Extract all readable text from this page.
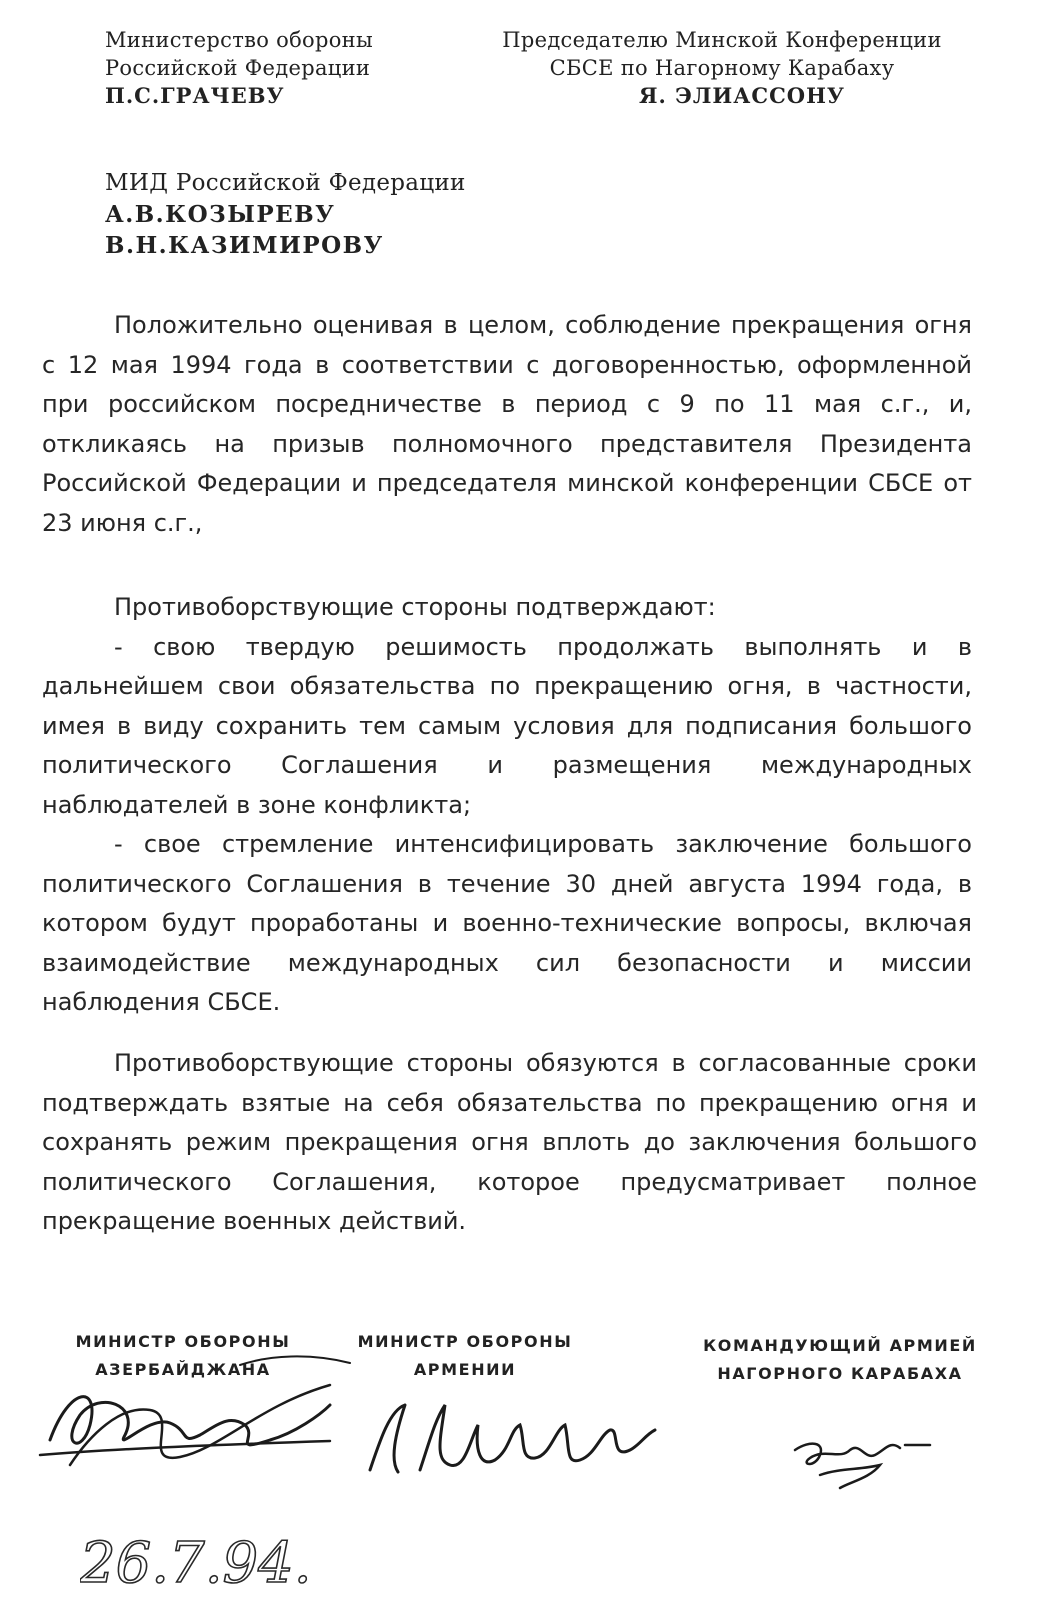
Министерство обороны
Российской Федерации
П.С.ГРАЧЕВУ
Председателю Минской Конференции
СБСЕ по Нагорному Карабаху
Я. ЭЛИАССОНУ
МИД Российской Федерации
А.В.КОЗЫРЕВУ
В.Н.КАЗИМИРОВУ

Положительно оценивая в целом, соблюдение прекращения огня с 12 мая 1994 года в соответствии с договоренностью, оформленной при российском посредничестве в период с 9 по 11 мая с.г., и, откликаясь на призыв полномочного представителя Президента Российской Федерации и председателя минской конференции СБСЕ от 23 июня с.г.,

Противоборствующие стороны подтверждают:

- свою твердую решимость продолжать выполнять и в дальнейшем свои обязательства по прекращению огня, в частности, имея в виду сохранить тем самым условия для подписания большого политического Соглашения и размещения международных наблюдателей в зоне конфликта;

- свое стремление интенсифицировать заключение большого политического Соглашения в течение 30 дней августа 1994 года, в котором будут проработаны и военно-технические вопросы, включая взаимодействие международных сил безопасности и миссии наблюдения СБСЕ.

Противоборствующие стороны обязуются в согласованные сроки подтверждать взятые на себя обязательства по прекращению огня и сохранять режим прекращения огня вплоть до заключения большого политического Соглашения, которое предусматривает полное прекращение военных действий.

МИНИСТР ОБОРОНЫ
АЗЕРБАЙДЖАНА
МИНИСТР ОБОРОНЫ
АРМЕНИИ
КОМАНДУЮЩИЙ АРМИЕЙ
НАГОРНОГО КАРАБАХА
26.7.94.
